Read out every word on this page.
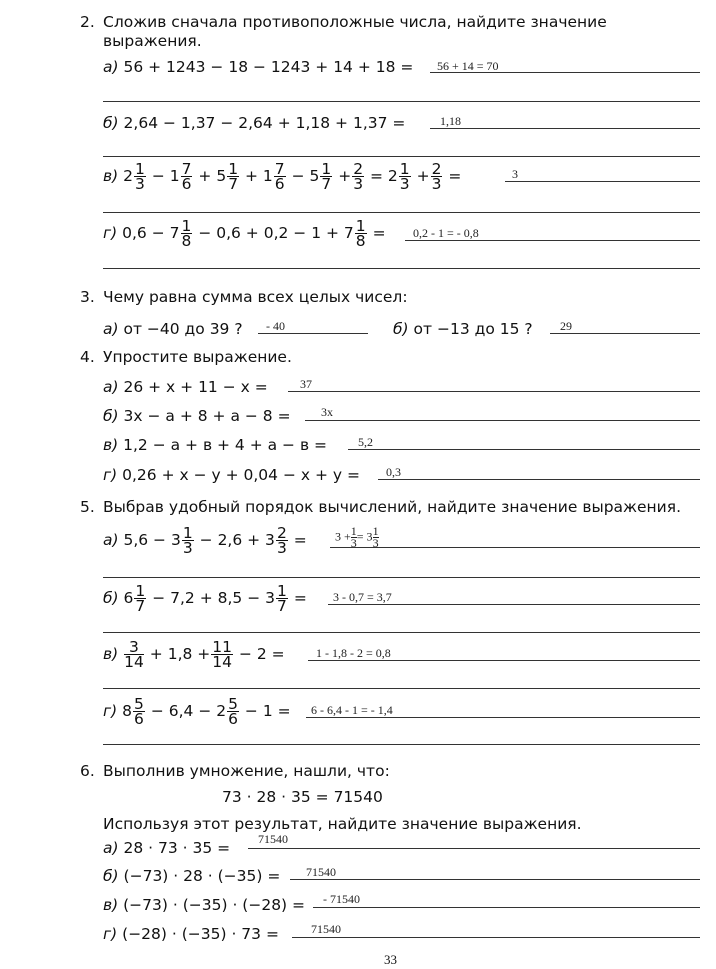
2. Сложив сначала противоположные числа, найдите значение
выражения.
а) 56 + 1243 − 18 − 1243 + 14 + 18 = 56 + 14 = 70
б) 2,64 − 1,37 − 2,64 + 1,18 + 1,37 =	1,18
в) $2 \frac{1}{3} - 1 \frac{7}{6} + 5 \frac{1}{7} + 1 \frac{7}{6} - 5 \frac{1}{7} + \frac{2}{3} = 2 \frac{1}{3} + \frac{2}{3}$ =	3
г) $0,6 - 7 \frac{1}{8} - 0,6 + 0,2 - 1 + 7 \frac{1}{8} = 0,2 - 1$ = - 0,8
3. Чему равна сумма всех целых чисел:
а) от −40 до 39 ? - 40	б) от −13 до 15 ? 29
4. Упростите выражение.
а) 26 + x + 11 − x =	37
б) 3x − a + 8 + a − 8 =	3x
в) 1,2 − a + в + 4 + a − в =	5,2
г) 0,26 + x − y + 0,04 − x + y = 0,3
5. Выбрав удобный порядок вычислений, найдите значение выражения.
а) $5,6 - 3 \frac{1}{3} - 2,6 + 3 \frac{2}{3} = 3 + \frac{1}{3} = 3 \frac{1}{3}$
б) $6 \frac{1}{7} - 7,2 + 8,5 - 3 \frac{1}{7} = 3 - 0,7 = 3,7$
$в) \frac{3}{14} + 1,8 + \frac{11}{14} - 2$ =	1 - 1,8 - 2 = 0,8
г) $8 \frac{5}{6} - 6,4 - 2 \frac{5}{6} - 1 = 6 - 6,4 - 1$ = - 1,4
6. Выполнив умножение, нашли, что:
73 · 28 · 35 = 71540
Используя этот результат, найдите значение выражения.
а) 28 · 73 · 35 = 71540
б) (−73) · 28 · (−35) = 71540
в) (−73) · (−35) · (−28) = - 71540
г) (−28) · (−35) · 73 =	71540
33
